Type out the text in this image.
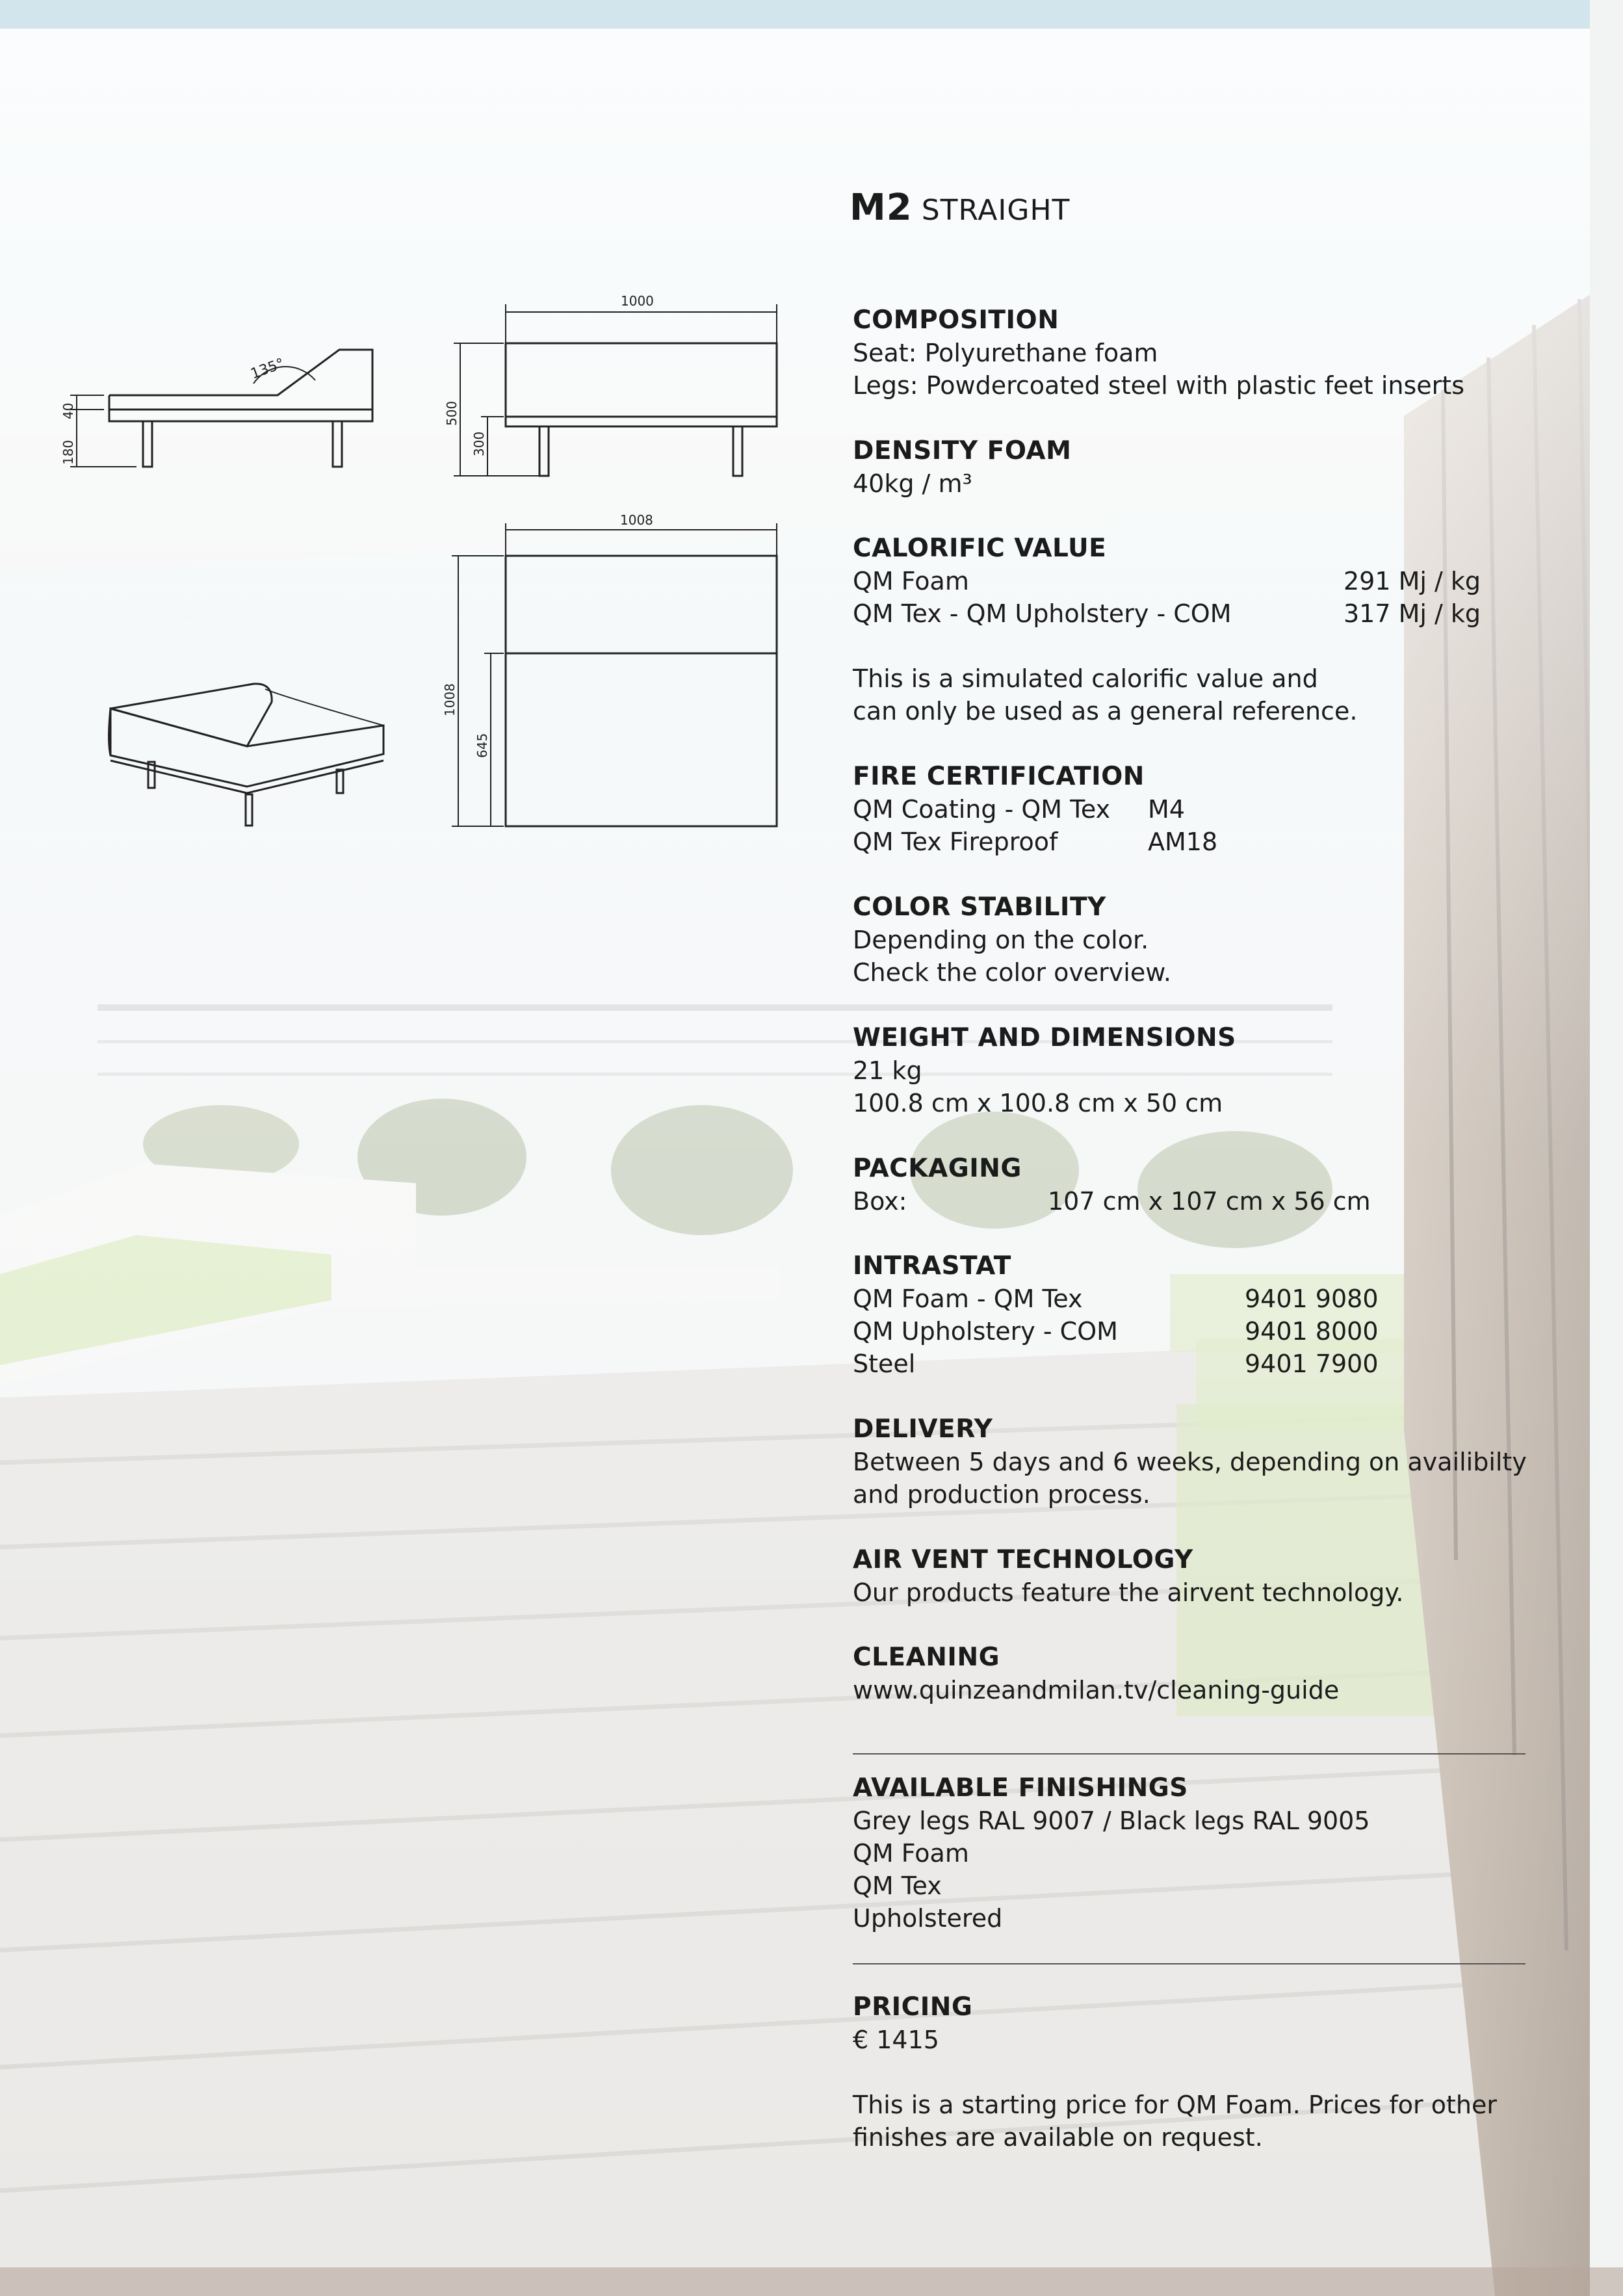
M2 STRAIGHT
135°
180
40
1000
500
300
1008
1008
645
COMPOSITION

Seat: Polyurethane foam

Legs: Powdercoated steel with plastic feet inserts

DENSITY FOAM

40kg / m³

CALORIFIC VALUE
QM Foam	291 Mj / kg
QM Tex - QM Upholstery - COM	317 Mj / kg

This is a simulated calorific value and

can only be used as a general reference.

FIRE CERTIFICATION
QM Coating - QM Tex M4
QM Tex Fireproof	AM18
COLOR STABILITY

Depending on the color.

Check the color overview.

WEIGHT AND DIMENSIONS

21 kg

100.8 cm x 100.8 cm x 50 cm

PACKAGING
Box:	107 cm x 107 cm x 56 cm
INTRASTAT
QM Foam - QM Tex	9401 9080
QM Upholstery - COM	9401 8000
Steel	9401 7900
DELIVERY

Between 5 days and 6 weeks, depending on availibilty

and production process.

AIR VENT TECHNOLOGY

Our products feature the airvent technology.

CLEANING

www.quinzeandmilan.tv/cleaning-guide

AVAILABLE FINISHINGS

Grey legs RAL 9007 / Black legs RAL 9005

QM Foam

QM Tex

Upholstered

PRICING

€ 1415

This is a starting price for QM Foam. Prices for other

finishes are available on request.
